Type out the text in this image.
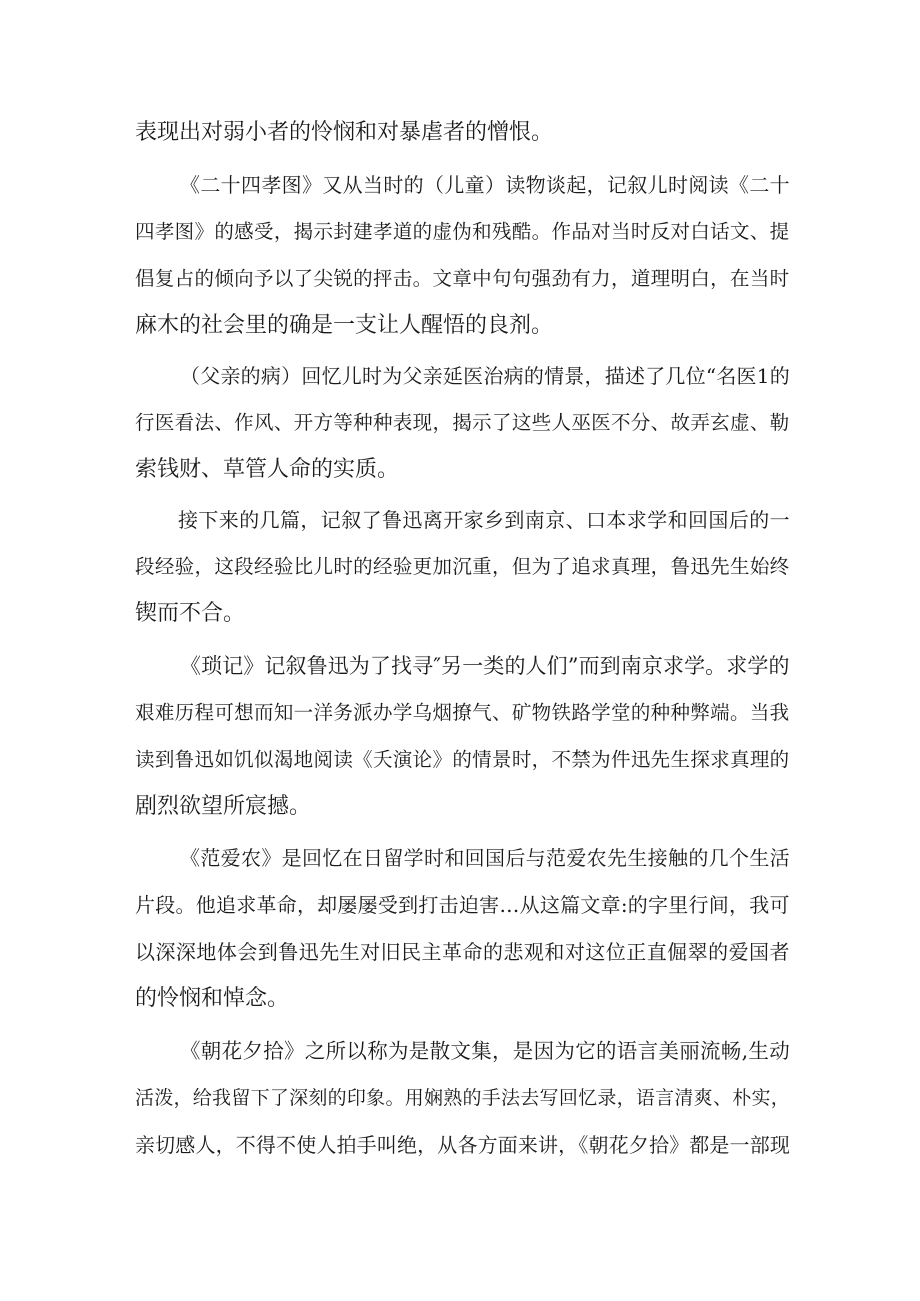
表现出对弱小者的怜悯和对暴虐者的憎恨。
《二十四孝图》又从当时的（儿童）读物谈起，记叙儿时阅读《二十
四孝图》的感受，揭示封建孝道的虚伪和残酷。作品对当时反对白话文、提
倡复占的倾向予以了尖锐的抨击。文章中句句强劲有力，道理明白，在当时
麻木的社会里的确是一支让人醒悟的良剂。
（父亲的病）回忆儿时为父亲延医治病的情景，描述了几位“名医1的
行医看法、作风、开方等种种表现，揭示了这些人巫医不分、故弄玄虚、勒
索钱财、草管人命的实质。
接下来的几篇，记叙了鲁迅离开家乡到南京、口本求学和回国后的一
段经验，这段经验比儿时的经验更加沉重，但为了追求真理，鲁迅先生始终
锲而不合。
《琐记》记叙鲁迅为了找寻″另一类的人们”而到南京求学。求学的
艰难历程可想而知一洋务派办学乌烟撩气、矿物铁路学堂的种种弊端。当我
读到鲁迅如饥似渴地阅读《夭演论》的情景时，不禁为件迅先生探求真理的
剧烈欲望所宸撼。
《范爱农》是回忆在日留学时和回国后与范爱农先生接触的几个生活
片段。他追求革命，却屡屡受到打击迫害…从这篇文章:的字里行间，我可
以深深地体会到鲁迅先生对旧民主革命的悲观和对这位正直倔翠的爱国者
的怜悯和悼念。
《朝花夕拾》之所以称为是散文集，是因为它的语言美丽流畅,生动
活泼，给我留下了深刻的印象。用娴熟的手法去写回忆录，语言清爽、朴实，
亲切感人，不得不使人拍手叫绝，从各方面来讲，《朝花夕拾》都是一部现
